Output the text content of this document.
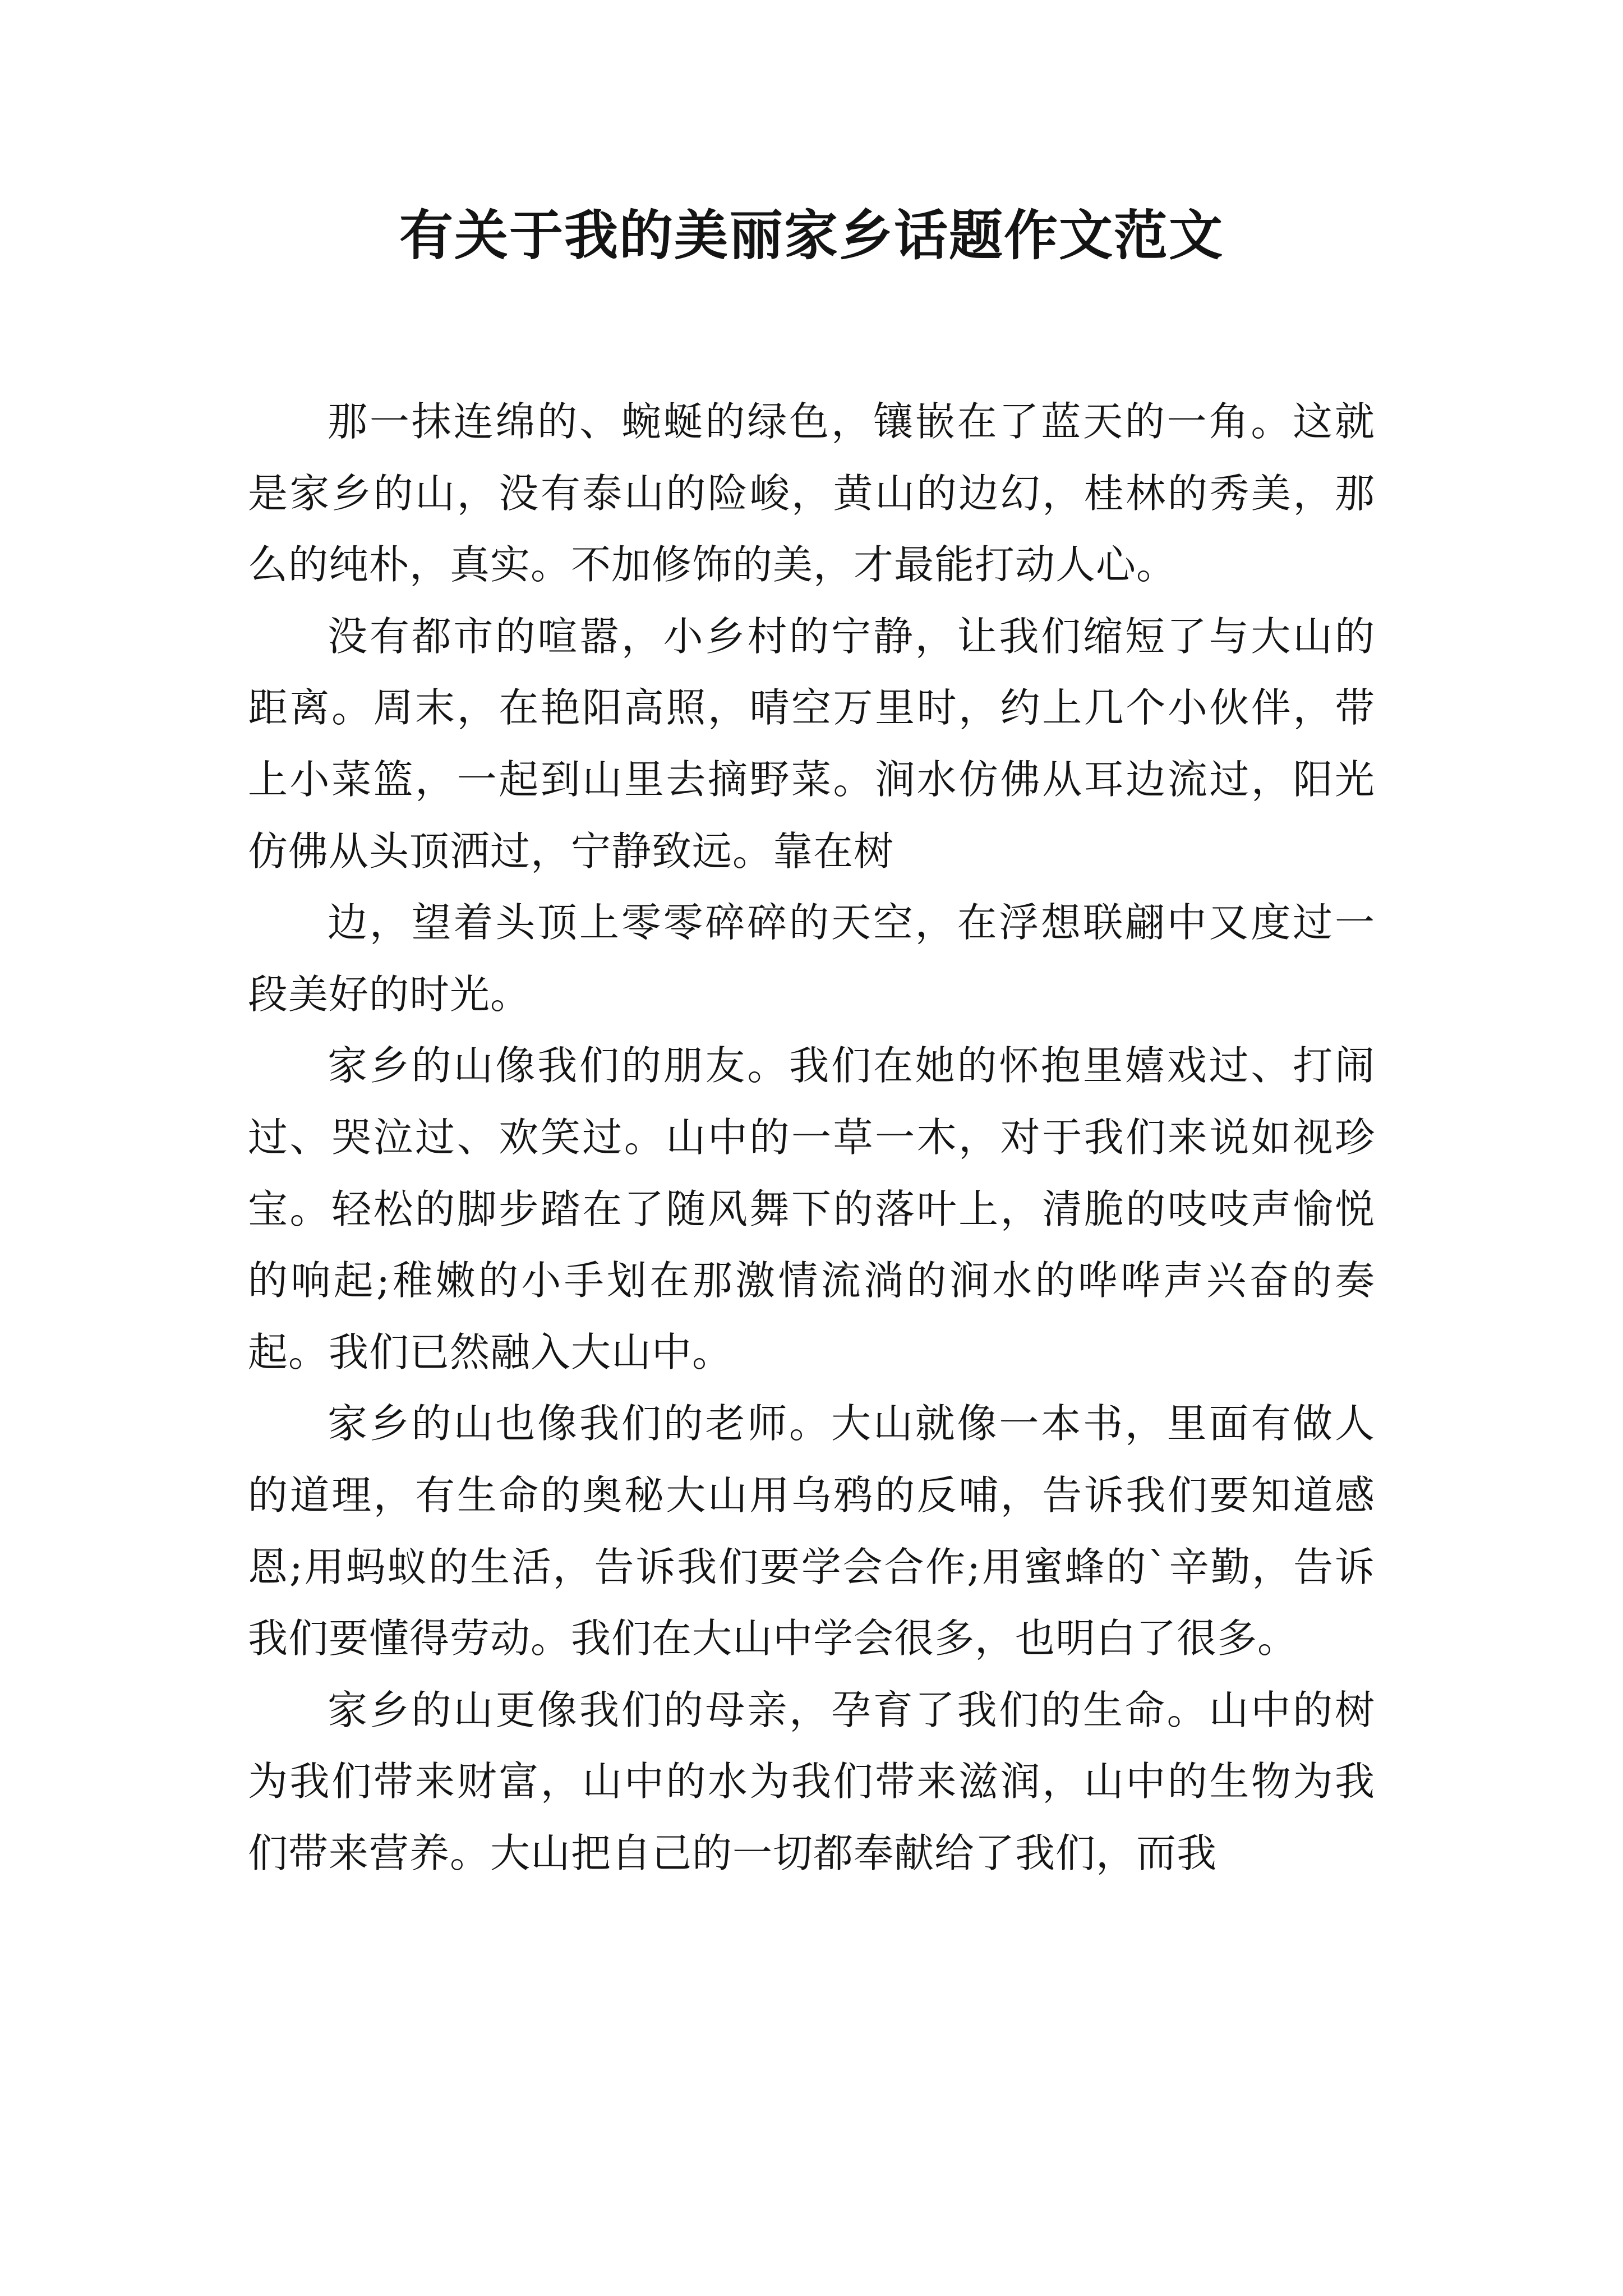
有关于我的美丽家乡话题作文范文

那一抹连绵的、蜿蜒的绿色，镶嵌在了蓝天的一角。这就是家乡的山，没有泰山的险峻，黄山的边幻，桂林的秀美，那么的纯朴，真实。不加修饰的美，才最能打动人心。

没有都市的喧嚣，小乡村的宁静，让我们缩短了与大山的距离。周末，在艳阳高照，晴空万里时，约上几个小伙伴，带上小菜篮，一起到山里去摘野菜。涧水仿佛从耳边流过，阳光仿佛从头顶洒过，宁静致远。靠在树

边，望着头顶上零零碎碎的天空，在浮想联翩中又度过一段美好的时光。

家乡的山像我们的朋友。我们在她的怀抱里嬉戏过、打闹过、哭泣过、欢笑过。山中的一草一木，对于我们来说如视珍宝。轻松的脚步踏在了随风舞下的落叶上，清脆的吱吱声愉悦的响起;稚嫩的小手划在那激情流淌的涧水的哗哗声兴奋的奏起。我们已然融入大山中。

家乡的山也像我们的老师。大山就像一本书，里面有做人的道理，有生命的奥秘大山用乌鸦的反哺，告诉我们要知道感恩;用蚂蚁的生活，告诉我们要学会合作;用蜜蜂的`辛勤，告诉我们要懂得劳动。我们在大山中学会很多，也明白了很多。

家乡的山更像我们的母亲，孕育了我们的生命。山中的树为我们带来财富，山中的水为我们带来滋润，山中的生物为我们带来营养。大山把自己的一切都奉献给了我们，而我
